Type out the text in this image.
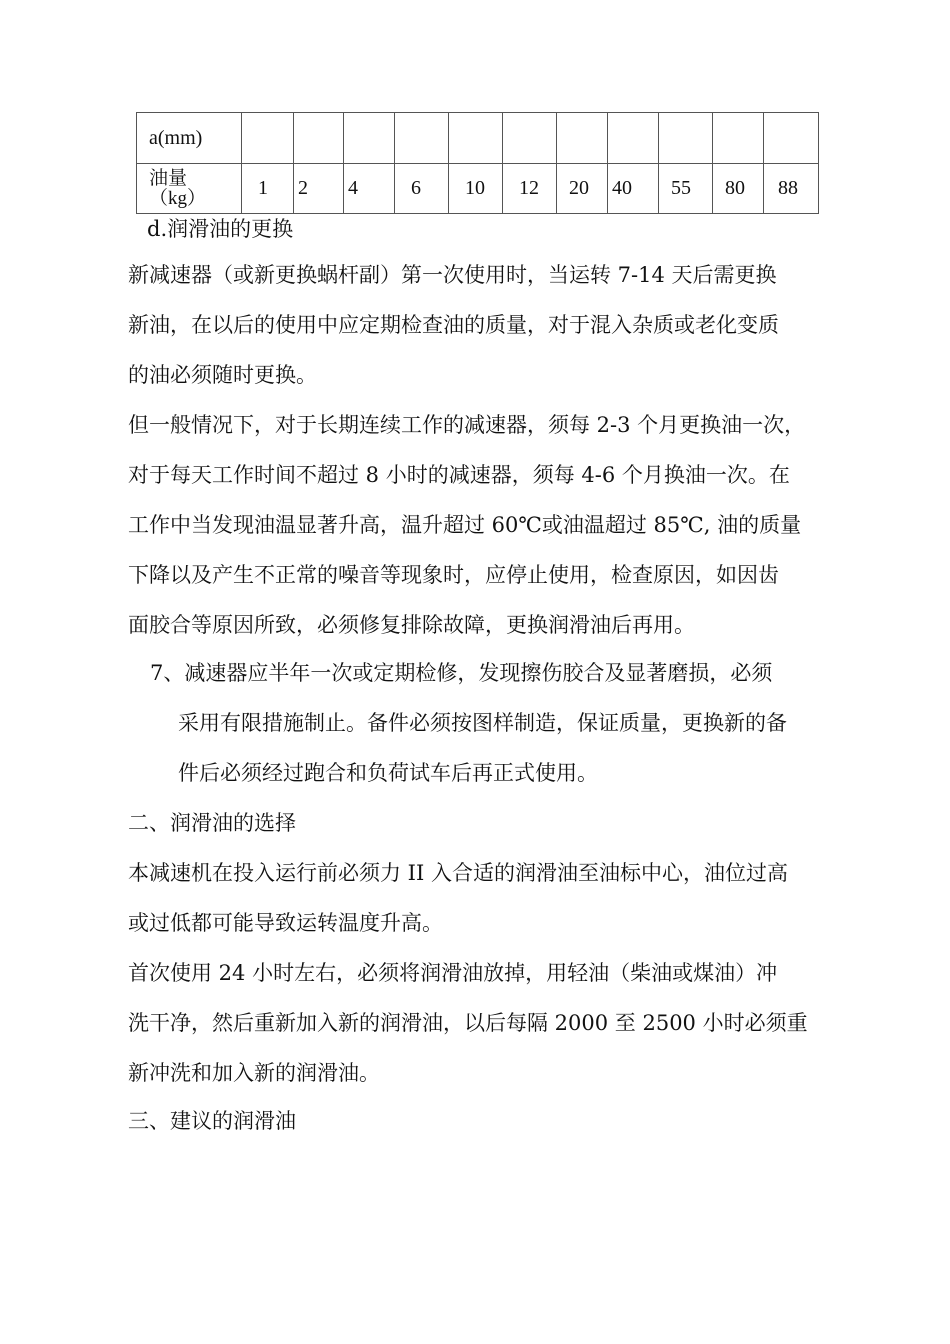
a(mm)											

油量
（kg）	1	2	4	6	10	12	20	40	55	80	88

d.润滑油的更换

新减速器（或新更换蜗杆副）第一次使用时，当运转 7-14 天后需更换
新油，在以后的使用中应定期检查油的质量，对于混入杂质或老化变质
的油必须随时更换。

但一般情况下，对于长期连续工作的减速器，须每 2-3 个月更换油一次，
对于每天工作时间不超过 8 小时的减速器，须每 4-6 个月换油一次。在
工作中当发现油温显著升高，温升超过 60℃或油温超过 85℃, 油的质量
下降以及产生不正常的噪音等现象时，应停止使用，检查原因，如因齿
面胶合等原因所致，必须修复排除故障，更换润滑油后再用。

7、减速器应半年一次或定期检修，发现擦伤胶合及显著磨损，必须
采用有限措施制止。备件必须按图样制造，保证质量，更换新的备
件后必须经过跑合和负荷试车后再正式使用。

二、润滑油的选择

本减速机在投入运行前必须力 II 入合适的润滑油至油标中心，油位过高
或过低都可能导致运转温度升高。

首次使用 24 小时左右，必须将润滑油放掉，用轻油（柴油或煤油）冲
洗干净，然后重新加入新的润滑油，以后每隔 2000 至 2500 小时必须重
新冲洗和加入新的润滑油。

三、建议的润滑油
